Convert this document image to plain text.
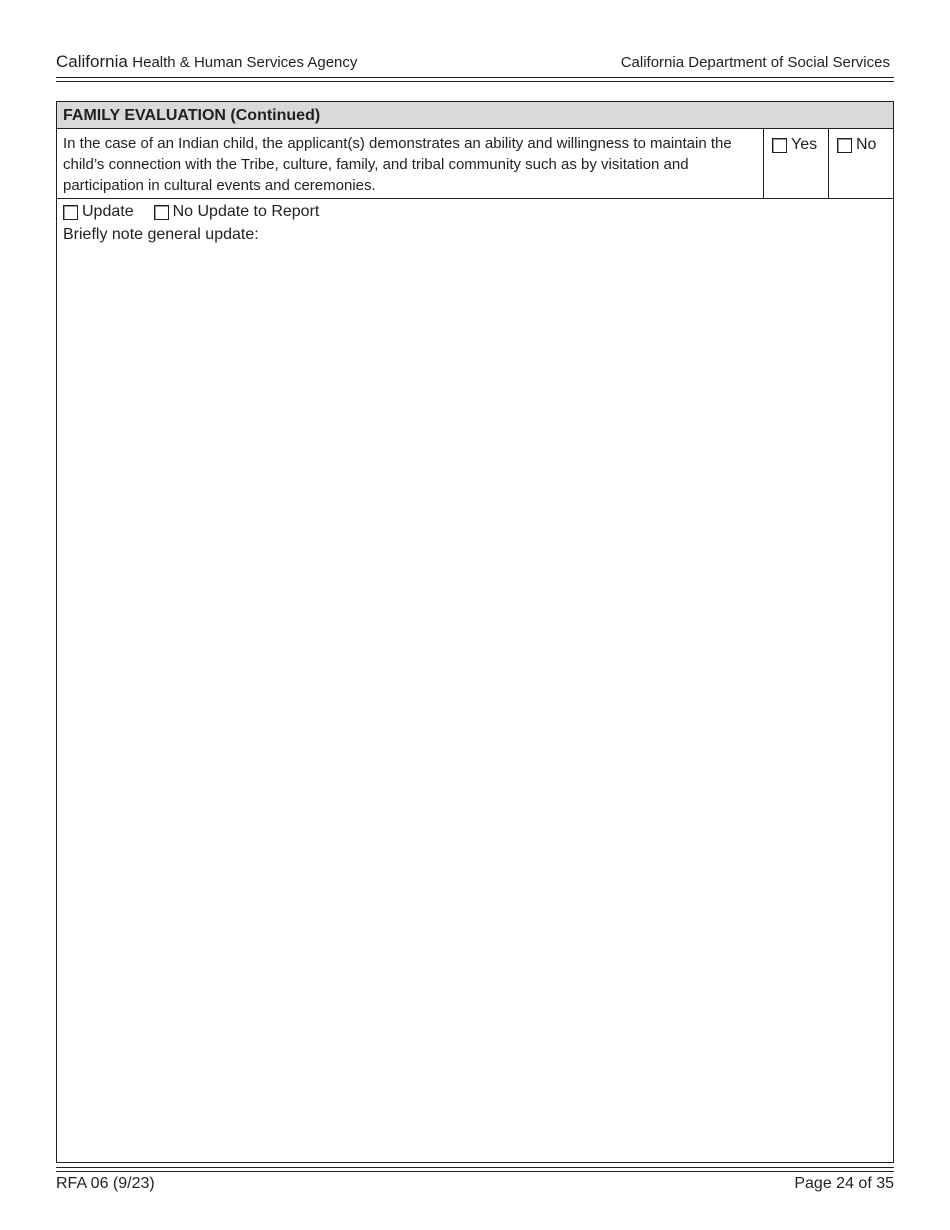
California Health & Human Services Agency	California Department of Social Services
FAMILY EVALUATION (Continued)
In the case of an Indian child, the applicant(s) demonstrates an ability and willingness to maintain the child’s connection with the Tribe, culture, family, and tribal community such as by visitation and participation in cultural events and ceremonies.
Yes No
Update No Update to Report
Briefly note general update:
RFA 06 (9/23)	Page 24 of 35
